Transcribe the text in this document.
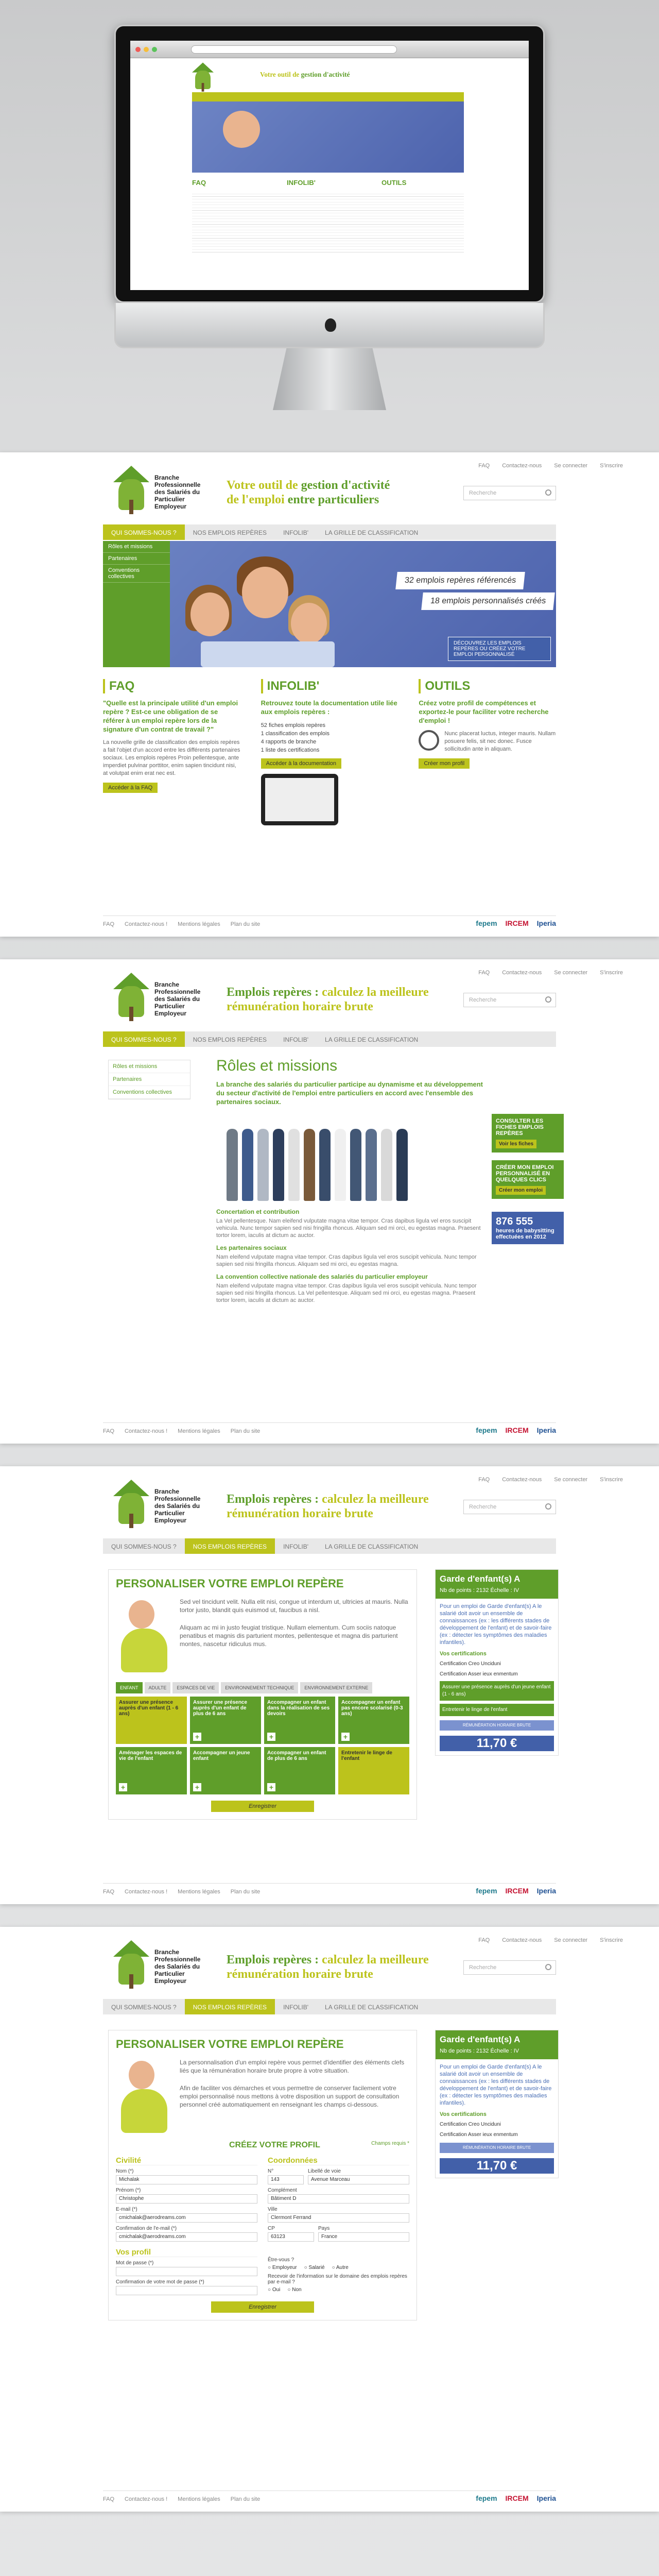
Votre outil de gestion d'activité
FAQ	INFOLIB'	OUTILS
FAQ Contactez-nous Se connecter S'inscrire
Branche Professionnelle des Salariés du Particulier Employeur
Votre outil de gestion d'activité
de l'emploi entre particuliers	Recherche
QUI SOMMES-NOUS ?	NOS EMPLOIS REPÈRES	INFOLIB'	LA GRILLE DE CLASSIFICATION
Rôles et missions
Partenaires
Conventions collectives	32 emplois repères référencés
18 emplois personnalisés créés
DÉCOUVREZ LES EMPLOIS REPÈRES OU CRÉEZ VOTRE EMPLOI PERSONNALISÉ
FAQ
"Quelle est la principale utilité d'un emploi repère ? Est-ce une obligation de se référer à un emploi repère lors de la signature d'un contrat de travail ?"
La nouvelle grille de classification des emplois repères a fait l'objet d'un accord entre les différents partenaires sociaux. Les emplois repères Proin pellentesque, ante imperdiet pulvinar porttitor, enim sapien tincidunt nisi, at volutpat enim erat nec est.
Accéder à la FAQ
INFOLIB'
Retrouvez toute la documentation utile liée aux emplois repères :
52 fiches emplois repères
1 classification des emplois
4 rapports de branche
1 liste des certifications
Accéder à la documentation
OUTILS
Créez votre profil de compétences et exportez-le pour faciliter votre recherche d'emploi !
Nunc placerat luctus, integer mauris. Nullam posuere felis, sit nec donec. Fusce sollicitudin ante in aliquam.
Créer mon profil
FAQ Contactez-nous ! Mentions légales Plan du site	fepem IRCEM Iperia
FAQ Contactez-nous Se connecter S'inscrire
Branche Professionnelle des Salariés du Particulier Employeur
Emplois repères : calculez la meilleure rémunération horaire brute	Recherche
QUI SOMMES-NOUS ?	NOS EMPLOIS REPÈRES	INFOLIB'	LA GRILLE DE CLASSIFICATION
Rôles et missions
Partenaires
Conventions collectives
Rôles et missions
La branche des salariés du particulier participe au dynamisme et au développement du secteur d'activité de l'emploi entre particuliers en accord avec l'ensemble des partenaires sociaux.
Concertation et contribution
La Vel pellentesque. Nam eleifend vulputate magna vitae tempor. Cras dapibus ligula vel eros suscipit vehicula. Nunc tempor sapien sed nisi fringilla rhoncus. Aliquam sed mi orci, eu egestas magna. Praesent tortor lorem, iaculis at dictum ac auctor.
Les partenaires sociaux
Nam eleifend vulputate magna vitae tempor. Cras dapibus ligula vel eros suscipit vehicula. Nunc tempor sapien sed nisi fringilla rhoncus. Aliquam sed mi orci, eu egestas magna.
La convention collective nationale des salariés du particulier employeur
Nam eleifend vulputate magna vitae tempor. Cras dapibus ligula vel eros suscipit vehicula. Nunc tempor sapien sed nisi fringilla rhoncus. La Vel pellentesque. Aliquam sed mi orci, eu egestas magna. Praesent tortor lorem, iaculis at dictum ac auctor.
CONSULTER LES FICHES EMPLOIS REPÈRES
Voir les fiches
CRÉER MON EMPLOI PERSONNALISÉ EN QUELQUES CLICS
Créer mon emploi
876 555
heures de babysitting effectuées en 2012
FAQ Contactez-nous ! Mentions légales Plan du site	fepem IRCEM Iperia
FAQ Contactez-nous Se connecter S'inscrire
Branche Professionnelle des Salariés du Particulier Employeur
Emplois repères : calculez la meilleure rémunération horaire brute	Recherche
QUI SOMMES-NOUS ?	NOS EMPLOIS REPÈRES	INFOLIB'	LA GRILLE DE CLASSIFICATION
PERSONALISER VOTRE EMPLOI REPÈRE
Sed vel tincidunt velit. Nulla elit nisi, congue ut interdum ut, ultricies at mauris. Nulla tortor justo, blandit quis euismod ut, faucibus a nisl.

Aliquam ac mi in justo feugiat tristique. Nullam elementum. Cum sociis natoque penatibus et magnis dis parturient montes, pellentesque et magna dis parturient montes, nascetur ridiculus mus.
ENFANT	ADULTE	ESPACES DE VIE	ENVIRONNEMENT TECHNIQUE	ENVIRONNEMENT EXTERNE
Assurer une présence auprès d'un enfant (1 - 6 ans)
Assurer une présence auprès d'un enfant de plus de 6 ans
+
Accompagner un enfant dans la réalisation de ses devoirs
+
Accompagner un enfant pas encore scolarisé (0-3 ans)
+
Aménager les espaces de vie de l'enfant
+
Accompagner un jeune enfant
+
Accompagner un enfant de plus de 6 ans
+
Entretenir le linge de l'enfant
Enregistrer
Garde d'enfant(s) A
Nb de points : 2132 Échelle : IV
Pour un emploi de Garde d'enfant(s) A le salarié doit avoir un ensemble de connaissances (ex : les différents stades de développement de l'enfant) et de savoir-faire (ex : détecter les symptômes des maladies infantiles).
Vos certifications
Certification Creo Unciduni
Certification Asser ieux enmentum
Assurer une présence auprès d'un jeune enfant (1 - 6 ans)
Entretenir le linge de l'enfant
RÉMUNÉRATION HORAIRE BRUTE
11,70 €
FAQ Contactez-nous ! Mentions légales Plan du site	fepem IRCEM Iperia
FAQ Contactez-nous Se connecter S'inscrire
Branche Professionnelle des Salariés du Particulier Employeur
Emplois repères : calculez la meilleure rémunération horaire brute	Recherche
QUI SOMMES-NOUS ?	NOS EMPLOIS REPÈRES	INFOLIB'	LA GRILLE DE CLASSIFICATION
PERSONALISER VOTRE EMPLOI REPÈRE
La personnalisation d'un emploi repère vous permet d'identifier des éléments clefs liés que la rémunération horaire brute propre à votre situation.

Afin de faciliter vos démarches et vous permettre de conserver facilement votre emploi personnalisé nous mettons à votre disposition un support de consultation personnel créé automatiquement en renseignant les champs ci-dessous.
CRÉEZ VOTRE PROFIL	Champs requis *
Civilité
Nom (*)
Michalak
Prénom (*)
Christophe
E-mail (*)
cmichalak@aerodreams.com
Confirmation de l'e-mail (*)
cmichalak@aerodreams.com
Coordonnées
N°
143
Libellé de voie
Avenue Marceau
Complément
Bâtiment D
Ville
Clermont Ferrand
CP
63123
Pays
France
Vos profil
Mot de passe (*)
Confirmation de votre mot de passe (*)
Être-vous ?
○ Employeur ○ Salarié ○ Autre
Recevoir de l'information sur le domaine des emplois repères par e-mail ?
○ Oui ○ Non
Enregistrer
Garde d'enfant(s) A
Nb de points : 2132 Échelle : IV
Pour un emploi de Garde d'enfant(s) A le salarié doit avoir un ensemble de connaissances (ex : les différents stades de développement de l'enfant) et de savoir-faire (ex : détecter les symptômes des maladies infantiles).
Vos certifications
Certification Creo Unciduni
Certification Asser ieux enmentum
RÉMUNÉRATION HORAIRE BRUTE
11,70 €
FAQ Contactez-nous ! Mentions légales Plan du site	fepem IRCEM Iperia
